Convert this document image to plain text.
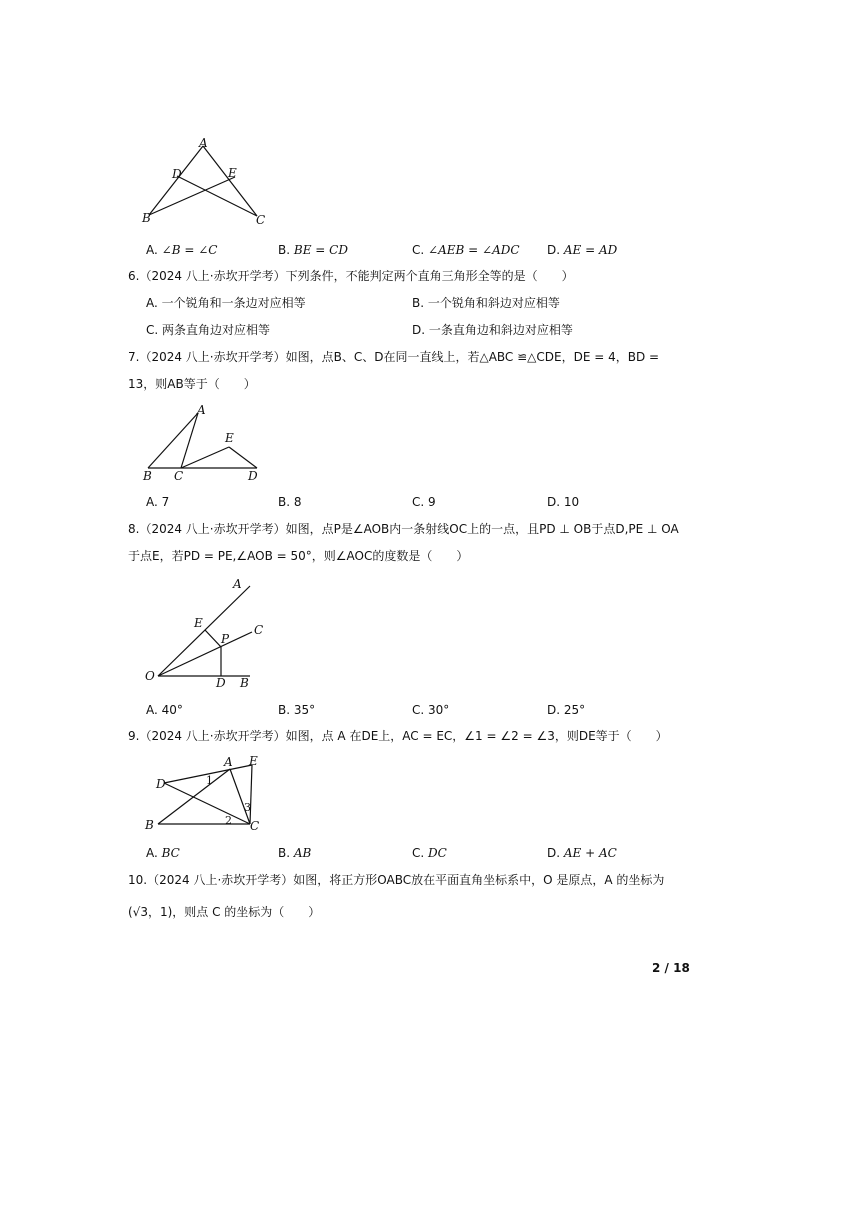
A
D	E
B	C
A. ∠B = ∠C	B. BE = CD	C. ∠AEB = ∠ADC D. AE = AD
6.（2024 八上·赤坎开学考）下列条件，不能判定两个直角三角形全等的是（　　）
A. 一个锐角和一条边对应相等	B. 一个锐角和斜边对应相等
C. 两条直角边对应相等	D. 一条直角边和斜边对应相等
7.（2024 八上·赤坎开学考）如图，点B、C、D在同一直线上，若△ABC ≌△CDE，DE = 4，BD =
13，则AB等于（　　）
A
E
B C	D
A. 7	B. 8	C. 9	D. 10
8.（2024 八上·赤坎开学考）如图，点P是∠AOB内一条射线OC上的一点，且PD ⊥ OB于点D,PE ⊥ OA
于点E，若PD = PE,∠AOB = 50°，则∠AOC的度数是（　　）
A
C
E
P
O	D B
A. 40°	B. 35°	C. 30°	D. 25°
9.（2024 八上·赤坎开学考）如图，点 A 在DE上，AC = EC，∠1 = ∠2 = ∠3，则DE等于（　　）
D
A E
B	C
1
2
3
A. BC	B. AB	C. DC	D. AE + AC
10.（2024 八上·赤坎开学考）如图，将正方形OABC放在平面直角坐标系中，O 是原点，A 的坐标为
(√3，1)，则点 C 的坐标为（　　）
2 / 18
